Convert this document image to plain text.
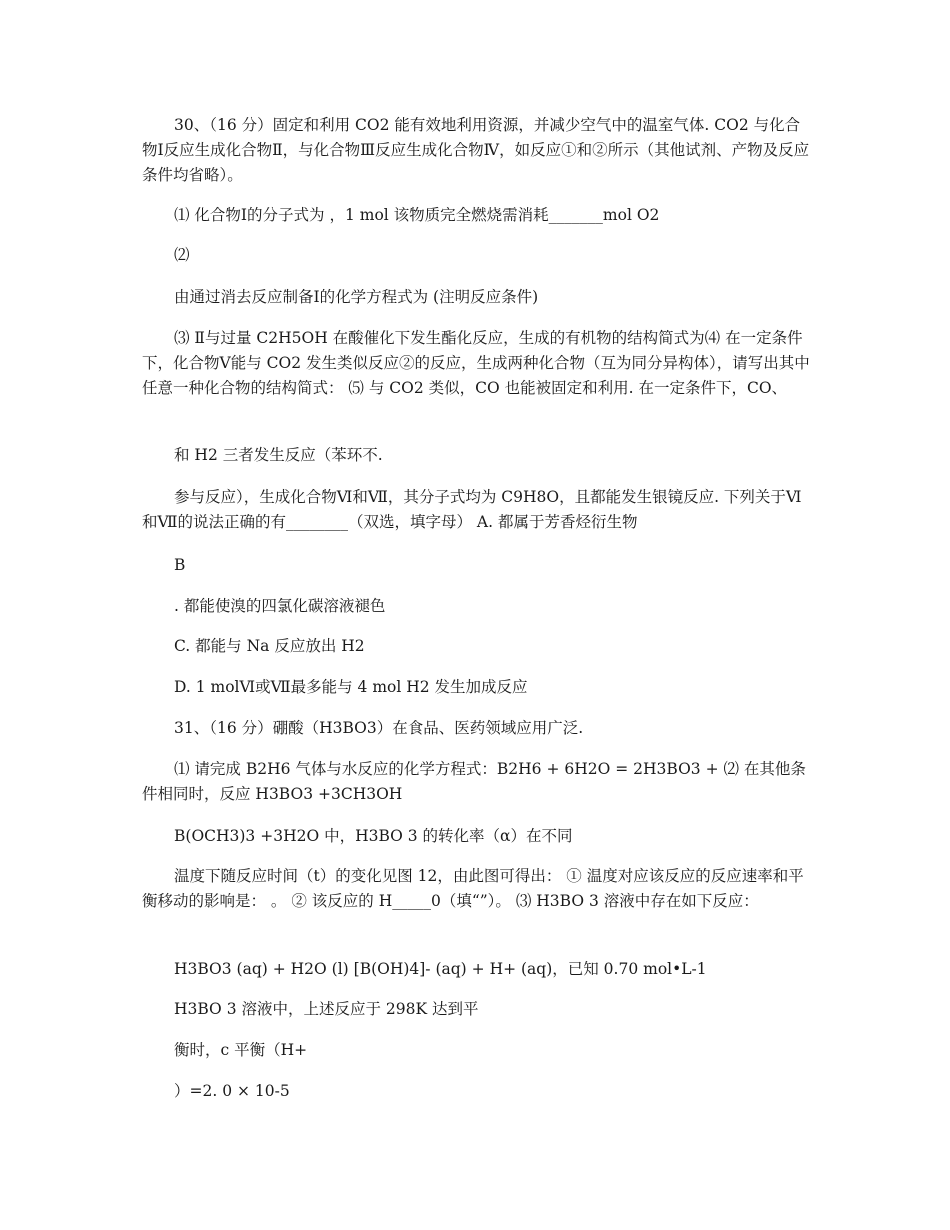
30、（16 分）固定和利用 CO2 能有效地利用资源，并减少空气中的温室气体. CO2 与化合物Ⅰ反应生成化合物Ⅱ，与化合物Ⅲ反应生成化合物Ⅳ，如反应①和②所示（其他试剂、产物及反应条件均省略）。

⑴ 化合物Ⅰ的分子式为 ，1 mol 该物质完全燃烧需消耗_______mol O2

⑵

由通过消去反应制备Ⅰ的化学方程式为 (注明反应条件)

⑶ Ⅱ与过量 C2H5OH 在酸催化下发生酯化反应，生成的有机物的结构简式为⑷ 在一定条件下，化合物Ⅴ能与 CO2 发生类似反应②的反应，生成两种化合物（互为同分异构体），请写出其中任意一种化合物的结构简式： ⑸ 与 CO2 类似，CO 也能被固定和利用. 在一定条件下，CO、

和 H2 三者发生反应（苯环不.

参与反应），生成化合物Ⅵ和Ⅶ，其分子式均为 C9H8O，且都能发生银镜反应. 下列关于Ⅵ和Ⅶ的说法正确的有________（双选，填字母） A. 都属于芳香烃衍生物

B

. 都能使溴的四氯化碳溶液褪色

C. 都能与 Na 反应放出 H2

D. 1 molⅥ或Ⅶ最多能与 4 mol H2 发生加成反应

31、（16 分）硼酸（H3BO3）在食品、医药领域应用广泛.

⑴ 请完成 B2H6 气体与水反应的化学方程式：B2H6 + 6H2O = 2H3BO3 + ⑵ 在其他条件相同时，反应 H3BO3 +3CH3OH

B(OCH3)3 +3H2O 中，H3BO 3 的转化率（α）在不同

温度下随反应时间（t）的变化见图 12，由此图可得出： ① 温度对应该反应的反应速率和平衡移动的影响是： 。 ② 该反应的 H_____0（填“”）。 ⑶ H3BO 3 溶液中存在如下反应：

H3BO3 (aq) + H2O (l) [B(OH)4]- (aq) + H+ (aq)，已知 0.70 mol•L-1

H3BO 3 溶液中，上述反应于 298K 达到平

衡时，c 平衡（H+

）=2. 0 × 10-5
